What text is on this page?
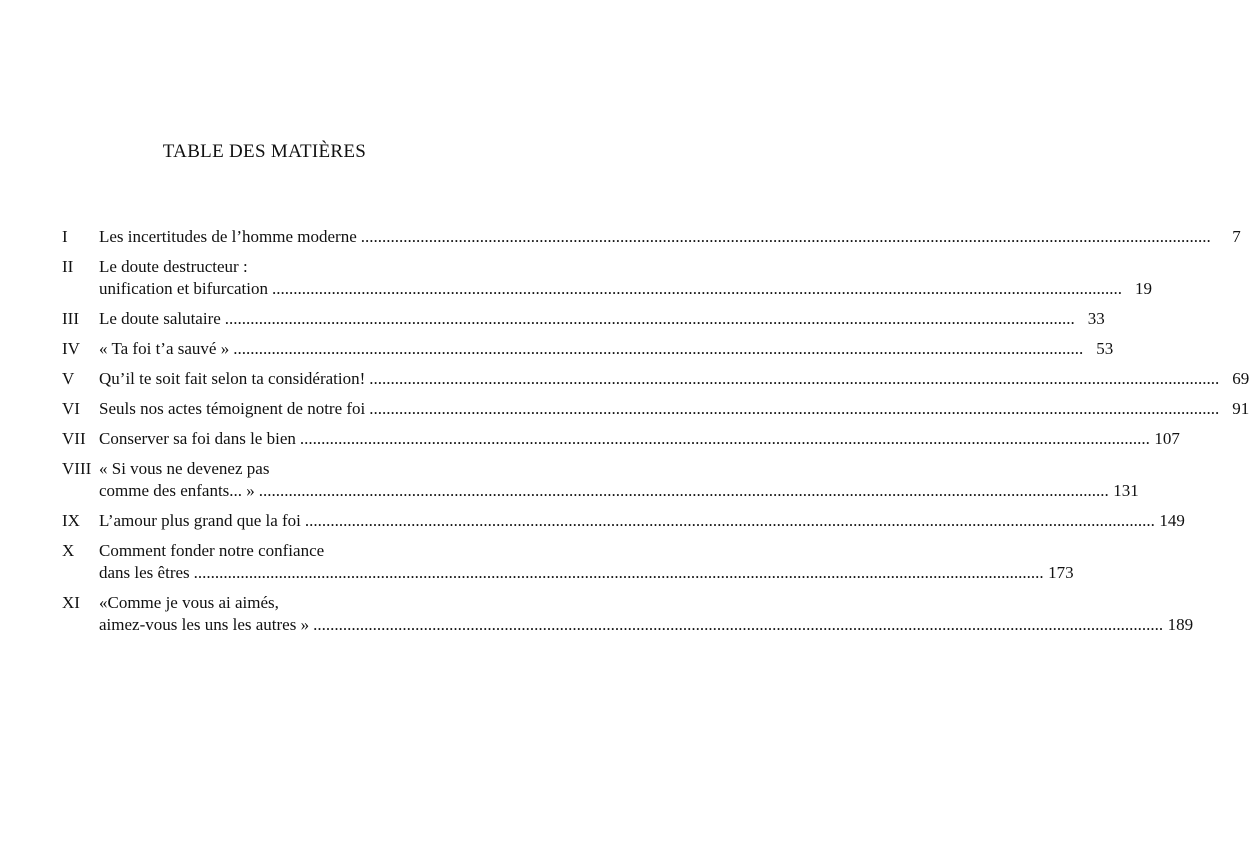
TABLE DES MATIÈRES
I	Les incertitudes de l’homme moderne ........................................................................................................................................................................................................	7
II	Le doute destructeur :
unification et bifurcation ........................................................................................................................................................................................................ 19
III	Le doute salutaire ........................................................................................................................................................................................................ 33
IV	« Ta foi t’a sauvé » ........................................................................................................................................................................................................ 53
V	Qu’il te soit fait selon ta considération! ........................................................................................................................................................................................................ 69
VI	Seuls nos actes témoignent de notre foi ........................................................................................................................................................................................................ 91
VII Conserver sa foi dans le bien ........................................................................................................................................................................................................ 107
VIII « Si vous ne devenez pas
comme des enfants... » ........................................................................................................................................................................................................ 131
IX	L’amour plus grand que la foi ........................................................................................................................................................................................................ 149
X	Comment fonder notre confiance
dans les êtres ........................................................................................................................................................................................................ 173
XI	«Comme je vous ai aimés,
aimez-vous les uns les autres » ........................................................................................................................................................................................................ 189
